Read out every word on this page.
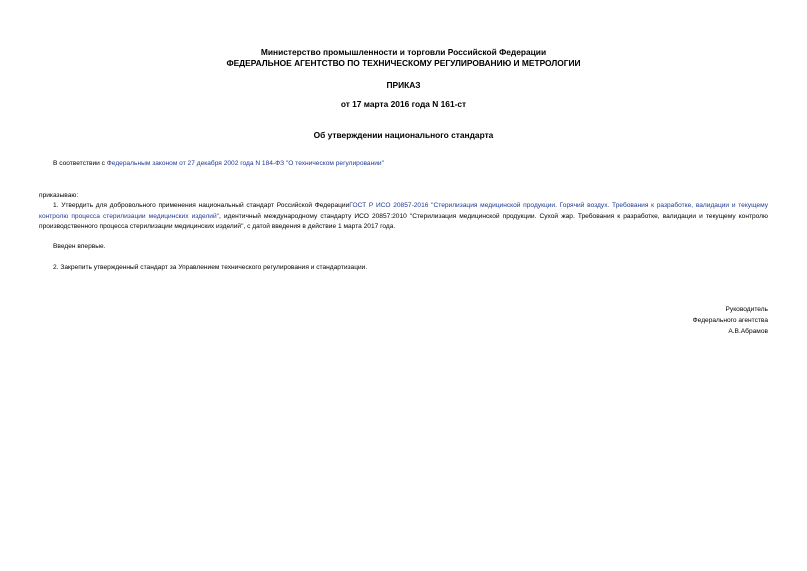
Министерство промышленности и торговли Российской Федерации
ФЕДЕРАЛЬНОЕ АГЕНТСТВО ПО ТЕХНИЧЕСКОМУ РЕГУЛИРОВАНИЮ И МЕТРОЛОГИИ
ПРИКАЗ
от 17 марта 2016 года N 161-ст
Об утверждении национального стандарта
В соответствии с Федеральным законом от 27 декабря 2002 года N 184-ФЗ "О техническом регулировании"
приказываю:
1. Утвердить для добровольного применения национальный стандарт Российской ФедерацииГОСТ Р ИСО 20857-2016 "Стерилизация медицинской продукции. Горячий воздух. Требования к разработке, валидации и текущему контролю процесса стерилизации медицинских изделий", идентичный международному стандарту ИСО 20857:2010 "Стерилизация медицинской продукции. Сухой жар. Требования к разработке, валидации и текущему контролю производственного процесса стерилизации медицинских изделий", с датой введения в действие 1 марта 2017 года.
Введен впервые.
2. Закрепить утвержденный стандарт за Управлением технического регулирования и стандартизации.
Руководитель
Федерального агентства
А.В.Абрамов
